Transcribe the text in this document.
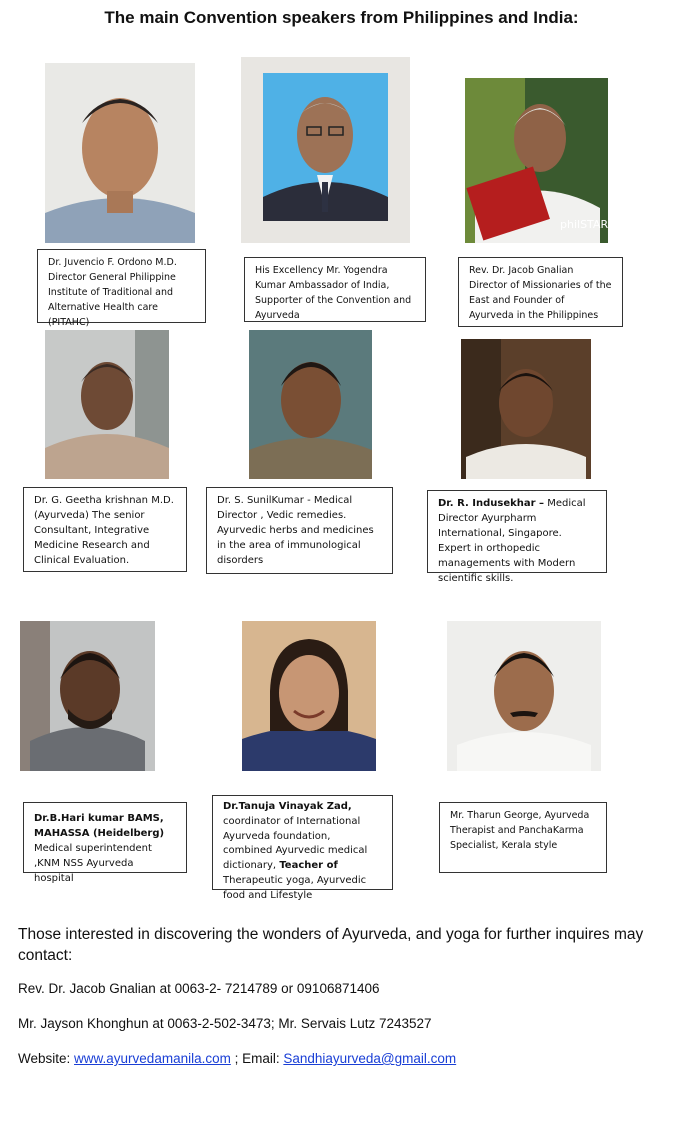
The main Convention speakers from Philippines and India:
philSTAR.com
Dr. Juvencio F. Ordono M.D. Director General Philippine Institute of Traditional and Alternative Health care (PITAHC)
His Excellency Mr. Yogendra Kumar Ambassador of India, Supporter of the Convention and Ayurveda
Rev. Dr. Jacob Gnalian Director of Missionaries of the East and Founder of Ayurveda in the Philippines
Dr. G. Geetha krishnan M.D. (Ayurveda) The senior Consultant, Integrative Medicine Research and Clinical Evaluation.
Dr. S. SunilKumar - Medical Director , Vedic remedies. Ayurvedic herbs and medicines in the area of immunological disorders
Dr. R. Indusekhar – Medical Director Ayurpharm International, Singapore. Expert in orthopedic managements with Modern scientific skills.
Dr.B.Hari kumar BAMS, MAHASSA (Heidelberg)
Medical superintendent ,KNM NSS Ayurveda hospital
Dr.Tanuja Vinayak Zad,
coordinator of International Ayurveda foundation, combined Ayurvedic medical dictionary, Teacher of Therapeutic yoga, Ayurvedic food and Lifestyle
Mr. Tharun George, Ayurveda Therapist and PanchaKarma Specialist, Kerala style
Those interested in discovering the wonders of Ayurveda, and yoga for further inquires may contact:
Rev. Dr. Jacob Gnalian at 0063-2- 7214789 or 09106871406
Mr. Jayson Khonghun at 0063-2-502-3473; Mr. Servais Lutz 7243527
Website: www.ayurvedamanila.com ; Email: Sandhiayurveda@gmail.com
